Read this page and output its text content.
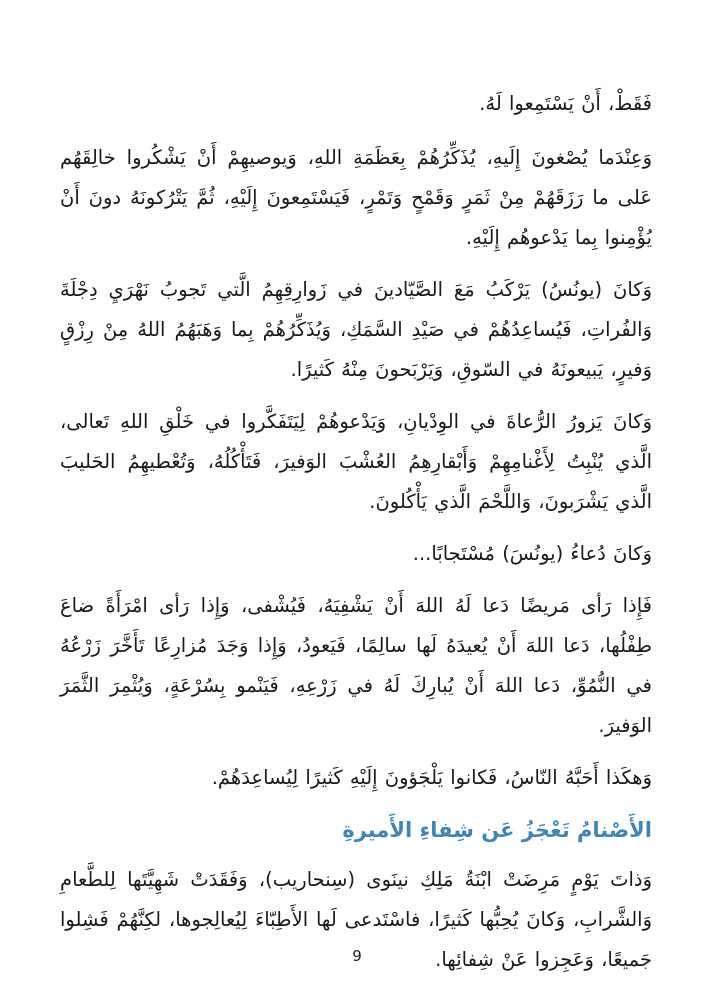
فَقَطْ، أَنْ يَسْتَمِعوا لَهُ.

وَعِنْدَما يُصْغونَ إِلَيهِ، يُذَكِّرُهُمْ بِعَظَمَةِ اللهِ، وَيوصيهِمْ أَنْ يَشْكُروا خالِقَهُم عَلى ما رَزَقَهُمْ مِنْ ثَمَرٍ وَقَمْحٍ وَتَمْرٍ، فَيَسْتَمِعونَ إِلَيْهِ، ثُمَّ يَتْرُكونَهُ دونَ أَنْ يُؤْمِنوا بِما يَدْعوهُم إِلَيْهِ.

وَكانَ (يونُسُ) يَرْكَبُ مَعَ الصَّيّادينَ في زَوارِقِهِمُ الَّتي تَجوبُ نَهْرَيِ دِجْلَةَ وَالفُراتِ، فَيُساعِدُهُمْ في صَيْدِ السَّمَكِ، وَيُذَكِّرُهُمْ بِما وَهَبَهُمُ اللهُ مِنْ رِزْقٍ وَفيرٍ، يَبيعونَهُ في السّوقِ، وَيَرْبَحونَ مِنْهُ كَثيرًا.

وَكانَ يَزورُ الرُّعاةَ في الوِدْيانِ، وَيَدْعوهُمْ لِيَتَفَكَّروا في خَلْقِ اللهِ تَعالى، الَّذي يُنْبِتُ لِأَغْنامِهِمْ وَأَبْقارِهِمُ العُشْبَ الوَفيرَ، فَتَأْكُلُهُ، وَتُعْطيهِمُ الحَليبَ الَّذي يَشْرَبونَ، وَاللَّحْمَ الَّذي يَأْكُلونَ.

وَكانَ دُعاءُ (يونُسَ) مُسْتَجابًا...

فَإِذا رَأى مَريضًا دَعا لَهُ اللهَ أَنْ يَشْفِيَهُ، فَيُشْفى، وَإِذا رَأى امْرَأَةً ضاعَ طِفْلُها، دَعا اللهَ أَنْ يُعيدَهُ لَها سالِمًا، فَيَعودُ، وَإِذا وَجَدَ مُزارِعًا تَأَخَّرَ زَرْعُهُ في النُّمُوِّ، دَعا اللهَ أَنْ يُبارِكَ لَهُ في زَرْعِهِ، فَيَنْمو بِسُرْعَةٍ، وَيُثْمِرَ الثَّمَرَ الوَفيرَ.

وَهكَذا أَحَبَّهُ النّاسُ، فَكانوا يَلْجَؤونَ إِلَيْهِ كَثيرًا لِيُساعِدَهُمْ.

الأَصْنامُ تَعْجَزُ عَن شِفاءِ الأَميرةِ

وَذاتَ يَوْمٍ مَرِضَتْ ابْنَةُ مَلِكِ نينَوى (سِنحاريب)، وَفَقَدَتْ شَهِيَّتَها لِلطَّعامِ وَالشَّرابِ، وَكانَ يُحِبُّها كَثيرًا، فاسْتَدعى لَها الأَطِبّاءَ لِيُعالِجوها، لكِنَّهُمْ فَشِلوا جَميعًا، وَعَجِزوا عَنْ شِفائِها.

9
